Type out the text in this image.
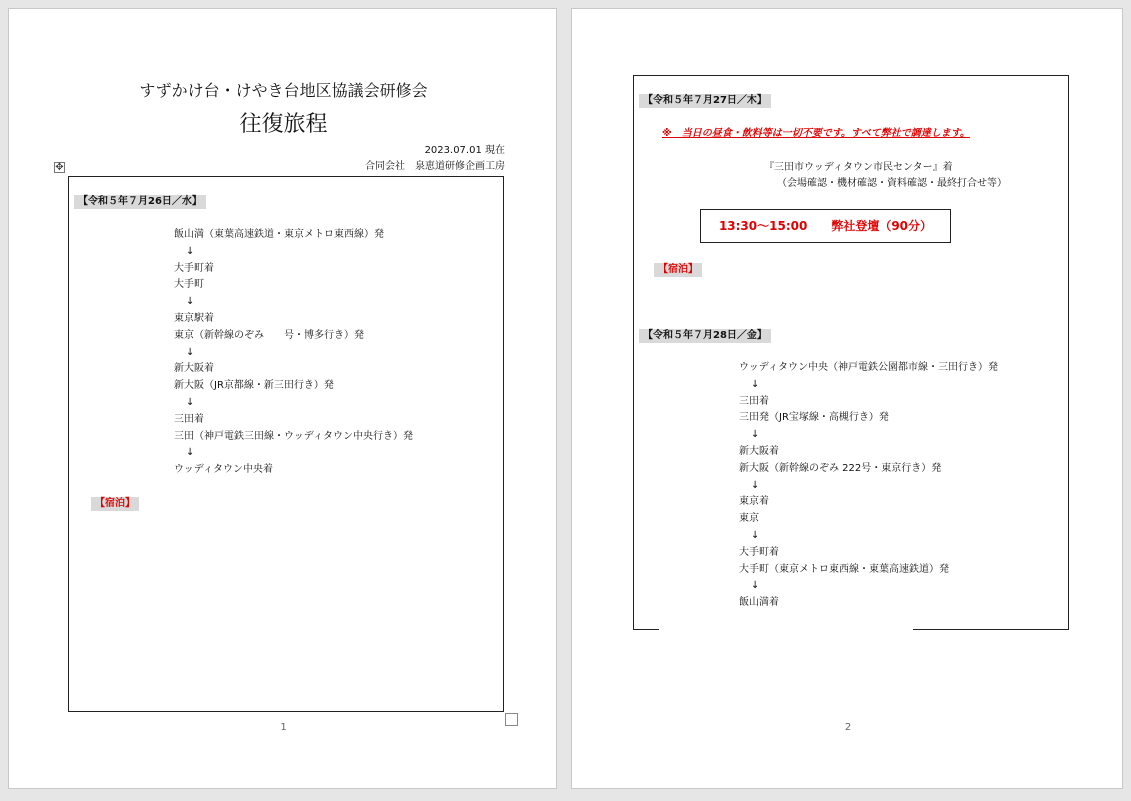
すずかけ台・けやき台地区協議会研修会
往復旅程
2023.07.01 現在
合同会社　泉恵道研修企画工房
✥
【令和５年７月26日／水】
飯山満（東葉高速鉄道・東京メトロ東西線）発
↓
大手町着
大手町
↓
東京駅着
東京（新幹線のぞみ　　号・博多行き）発
↓
新大阪着
新大阪（JR京都線・新三田行き）発
↓
三田着
三田（神戸電鉄三田線・ウッディタウン中央行き）発
↓
ウッディタウン中央着
【宿泊】
1
【令和５年７月27日／木】
※　当日の昼食・飲料等は一切不要です。すべて弊社で調達します。
『三田市ウッディタウン市民センター』着
（会場確認・機材確認・資料確認・最終打合せ等）
13:30～15:00　　弊社登壇（90分）
【宿泊】
【令和５年７月28日／金】
ウッディタウン中央（神戸電鉄公園都市線・三田行き）発
↓
三田着
三田発（JR宝塚線・高槻行き）発
↓
新大阪着
新大阪（新幹線のぞみ 222号・東京行き）発
↓
東京着
東京
↓
大手町着
大手町（東京メトロ東西線・東葉高速鉄道）発
↓
飯山満着
2
